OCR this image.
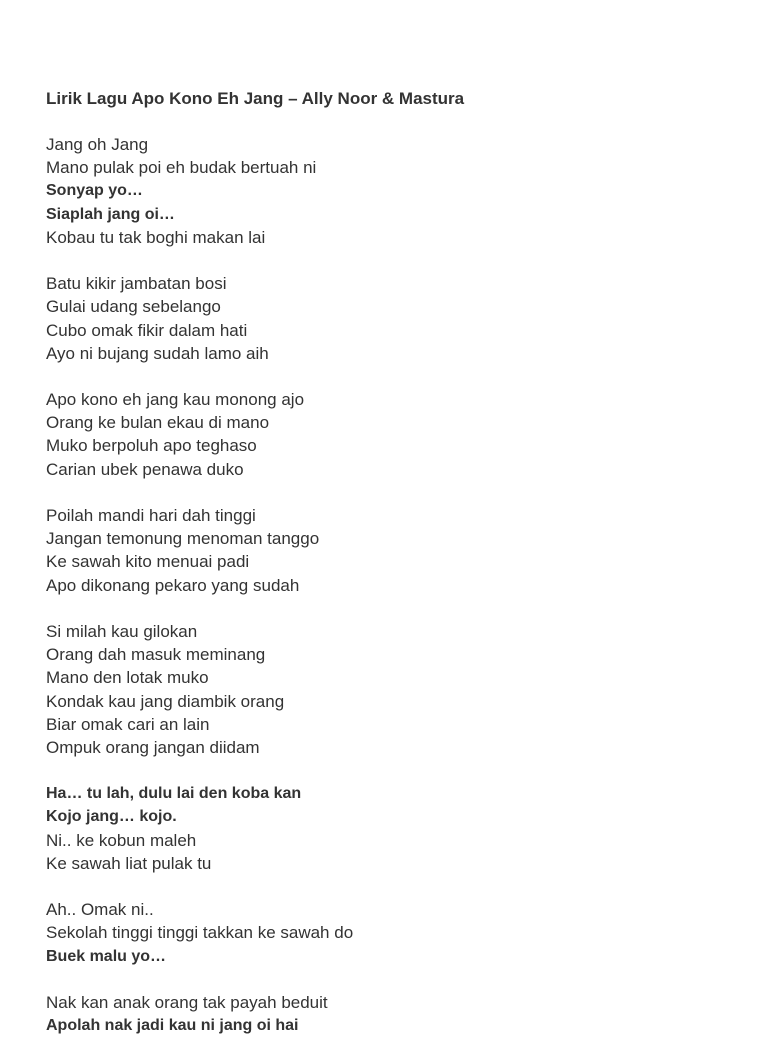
Lirik Lagu Apo Kono Eh Jang – Ally Noor & Mastura
Jang oh Jang
Mano pulak poi eh budak bertuah ni
Sonyap yo…
Siaplah jang oi…
Kobau tu tak boghi makan lai
Batu kikir jambatan bosi
Gulai udang sebelango
Cubo omak fikir dalam hati
Ayo ni bujang sudah lamo aih
Apo kono eh jang kau monong ajo
Orang ke bulan ekau di mano
Muko berpoluh apo teghaso
Carian ubek penawa duko
Poilah mandi hari dah tinggi
Jangan temonung menoman tanggo
Ke sawah kito menuai padi
Apo dikonang pekaro yang sudah
Si milah kau gilokan
Orang dah masuk meminang
Mano den lotak muko
Kondak kau jang diambik orang
Biar omak cari an lain
Ompuk orang jangan diidam
Ha… tu lah, dulu lai den koba kan
Kojo jang… kojo.
Ni.. ke kobun maleh
Ke sawah liat pulak tu
Ah.. Omak ni..
Sekolah tinggi tinggi takkan ke sawah do
Buek malu yo…
Nak kan anak orang tak payah beduit
Apolah nak jadi kau ni jang oi hai
